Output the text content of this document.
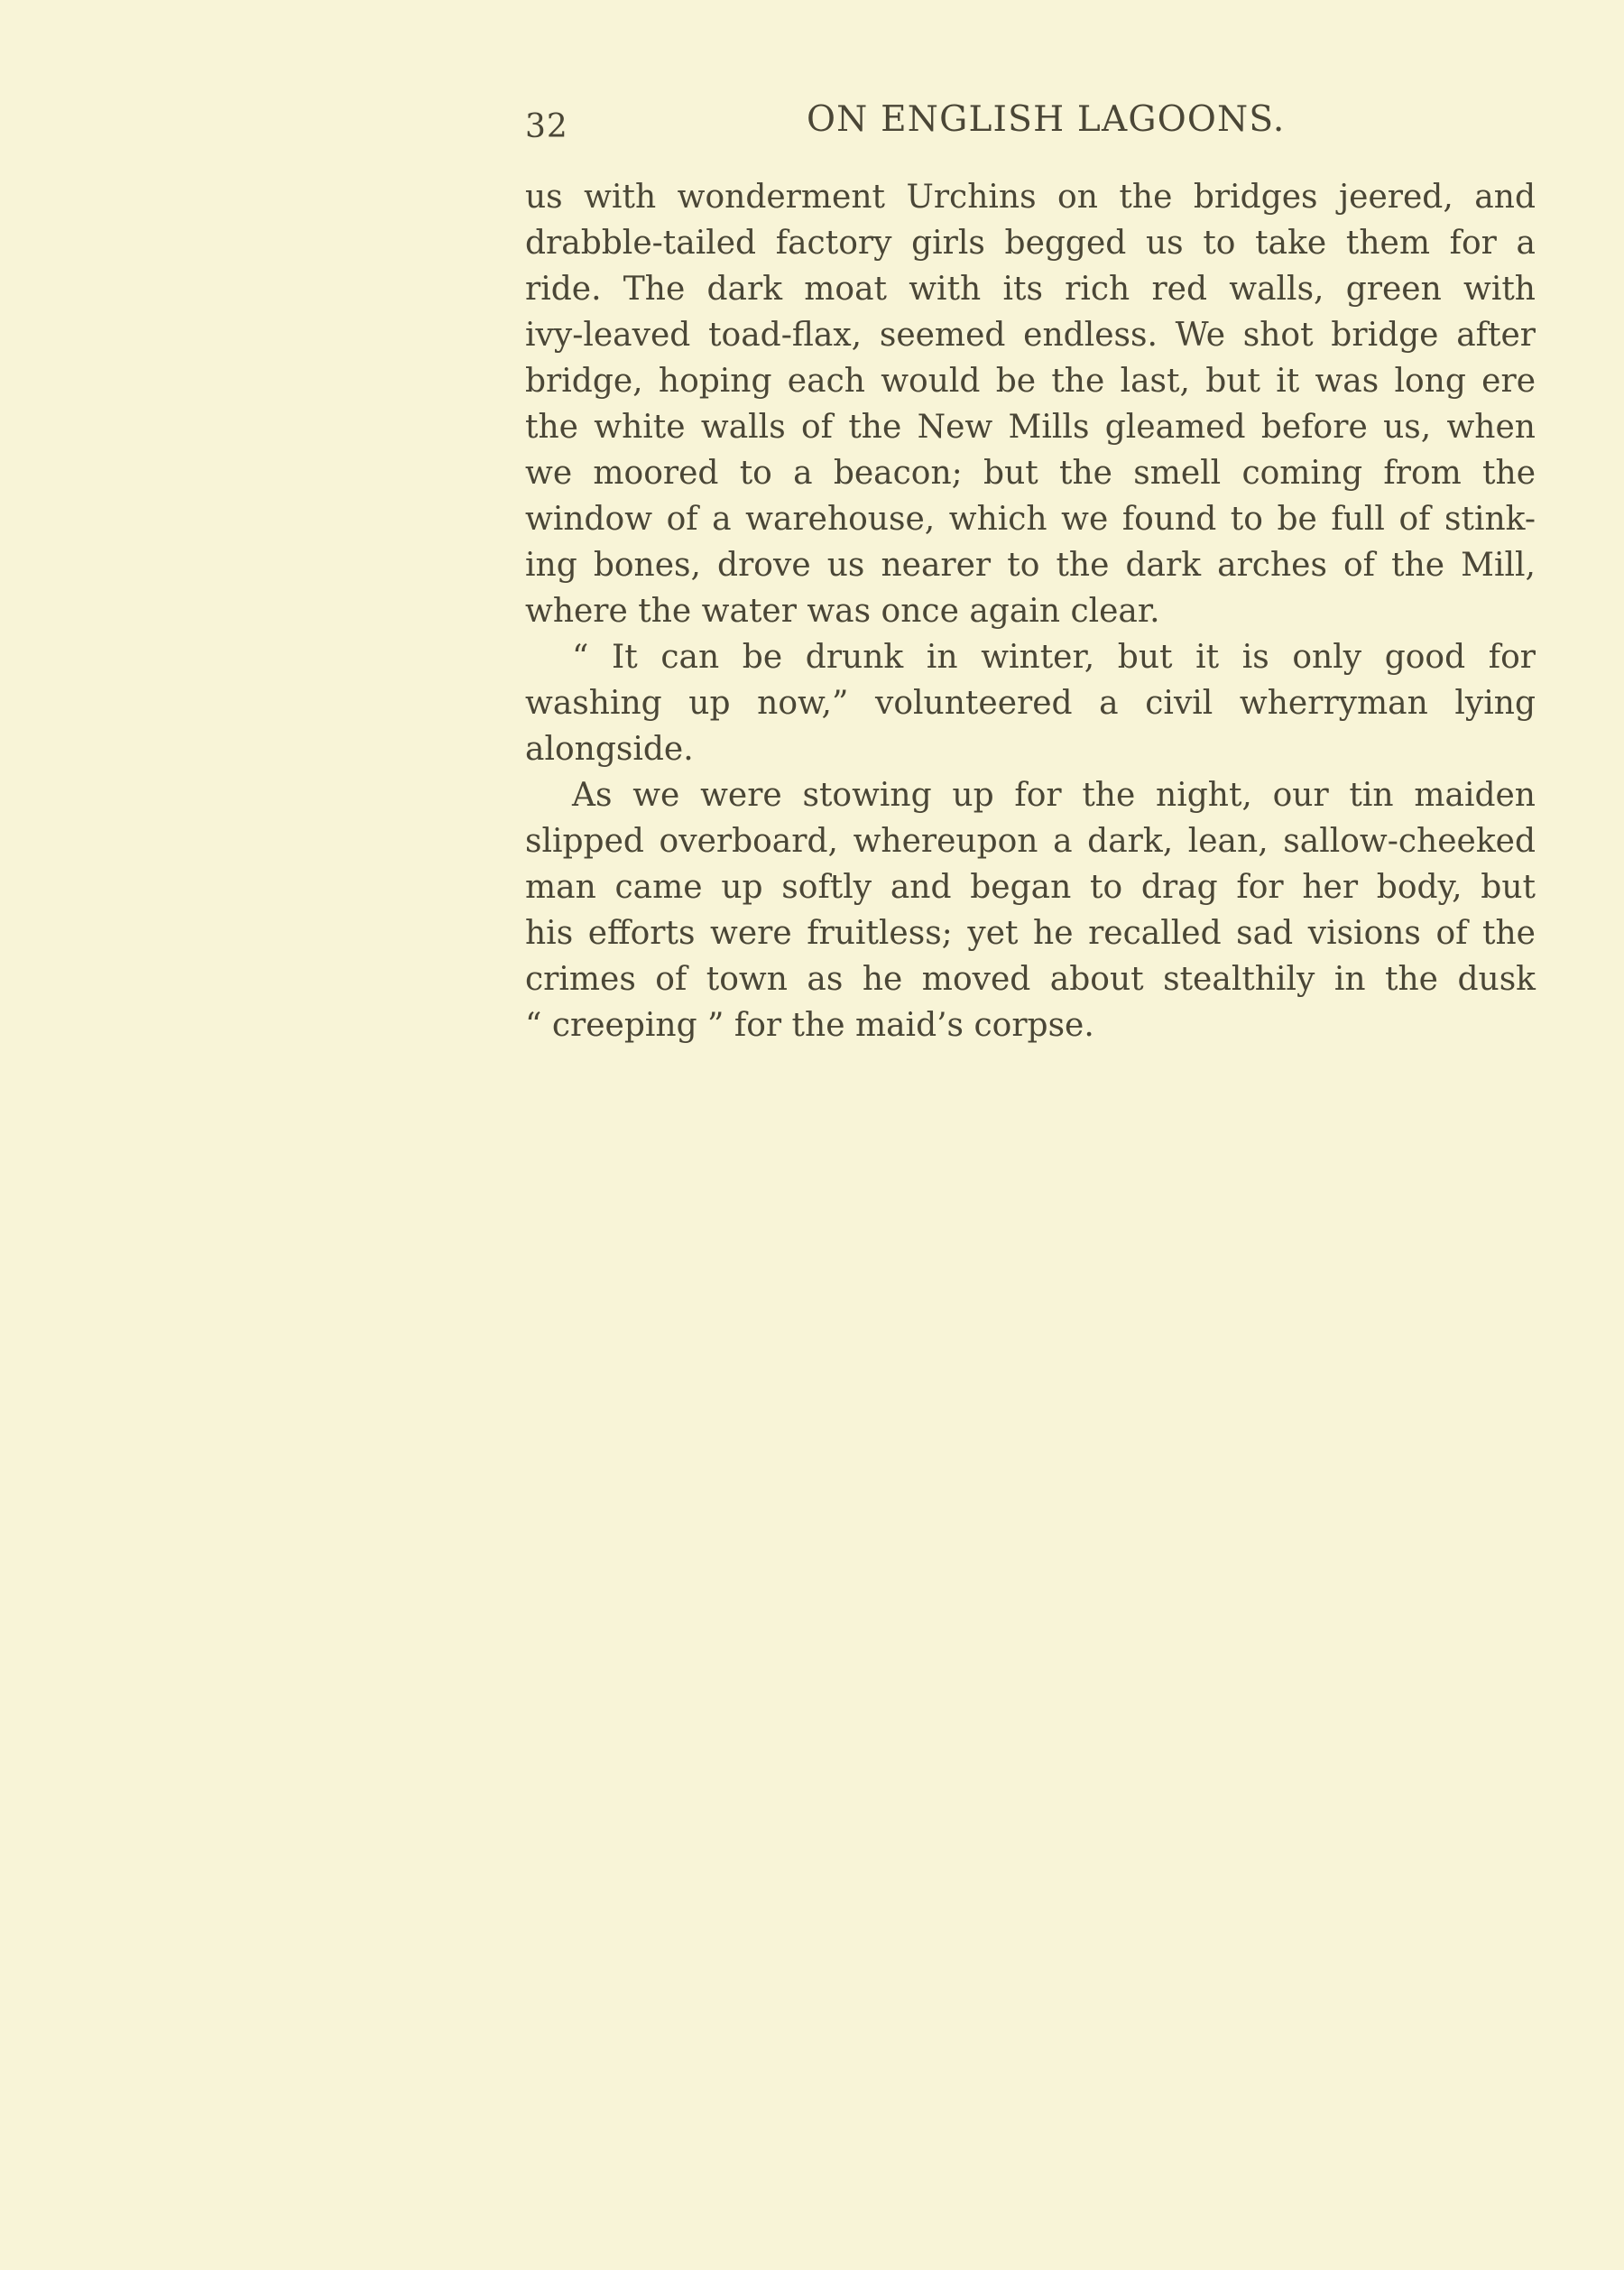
32	ON ENGLISH LAGOONS.
us with wonderment Urchins on the bridges jeered, and
drabble-tailed factory girls begged us to take them for a
ride. The dark moat with its rich red walls, green with
ivy-leaved toad-flax, seemed endless. We shot bridge after
bridge, hoping each would be the last, but it was long ere
the white walls of the New Mills gleamed before us, when
we moored to a beacon; but the smell coming from the
window of a warehouse, which we found to be full of stink-
ing bones, drove us nearer to the dark arches of the Mill,
where the water was once again clear.
“ It can be drunk in winter, but it is only good for
washing up now,” volunteered a civil wherryman lying
alongside.
As we were stowing up for the night, our tin maiden
slipped overboard, whereupon a dark, lean, sallow-cheeked
man came up softly and began to drag for her body, but
his efforts were fruitless; yet he recalled sad visions of the
crimes of town as he moved about stealthily in the dusk
“ creeping ” for the maid’s corpse.
